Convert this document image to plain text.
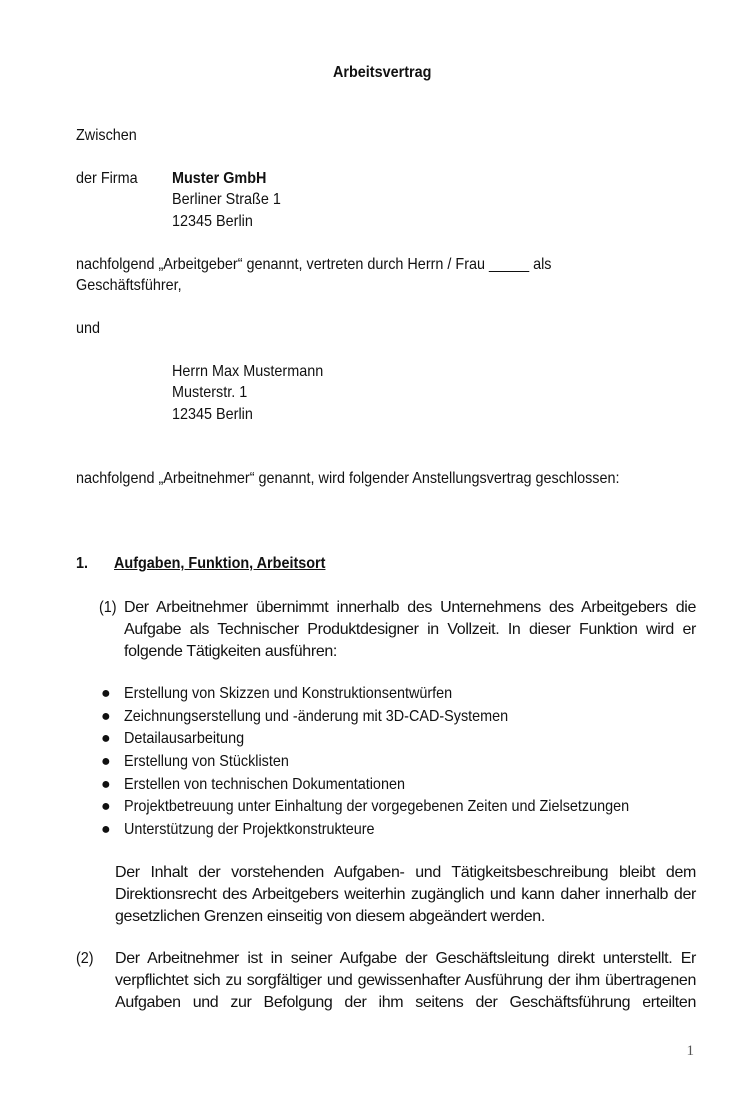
Arbeitsvertrag
Zwischen
der Firma Muster GmbH
Berliner Straße 1
12345 Berlin
nachfolgend „Arbeitgeber“ genannt, vertreten durch Herrn / Frau _____ als
Geschäftsführer,
und
Herrn Max Mustermann
Musterstr. 1
12345 Berlin
nachfolgend „Arbeitnehmer“ genannt, wird folgender Anstellungsvertrag geschlossen:
1. Aufgaben, Funktion, Arbeitsort
(1) Der Arbeitnehmer übernimmt innerhalb des Unternehmens des Arbeitgebers die
Aufgabe als Technischer Produktdesigner in Vollzeit. In dieser Funktion wird er
folgende Tätigkeiten ausführen:
● Erstellung von Skizzen und Konstruktionsentwürfen
● Zeichnungserstellung und -änderung mit 3D-CAD-Systemen
● Detailausarbeitung
● Erstellung von Stücklisten
● Erstellen von technischen Dokumentationen
● Projektbetreuung unter Einhaltung der vorgegebenen Zeiten und Zielsetzungen
● Unterstützung der Projektkonstrukteure
Der Inhalt der vorstehenden Aufgaben- und Tätigkeitsbeschreibung bleibt dem
Direktionsrecht des Arbeitgebers weiterhin zugänglich und kann daher innerhalb der
gesetzlichen Grenzen einseitig von diesem abgeändert werden.
(2) Der Arbeitnehmer ist in seiner Aufgabe der Geschäftsleitung direkt unterstellt. Er
verpflichtet sich zu sorgfältiger und gewissenhafter Ausführung der ihm übertragenen
Aufgaben und zur Befolgung der ihm seitens der Geschäftsführung erteilten
1
